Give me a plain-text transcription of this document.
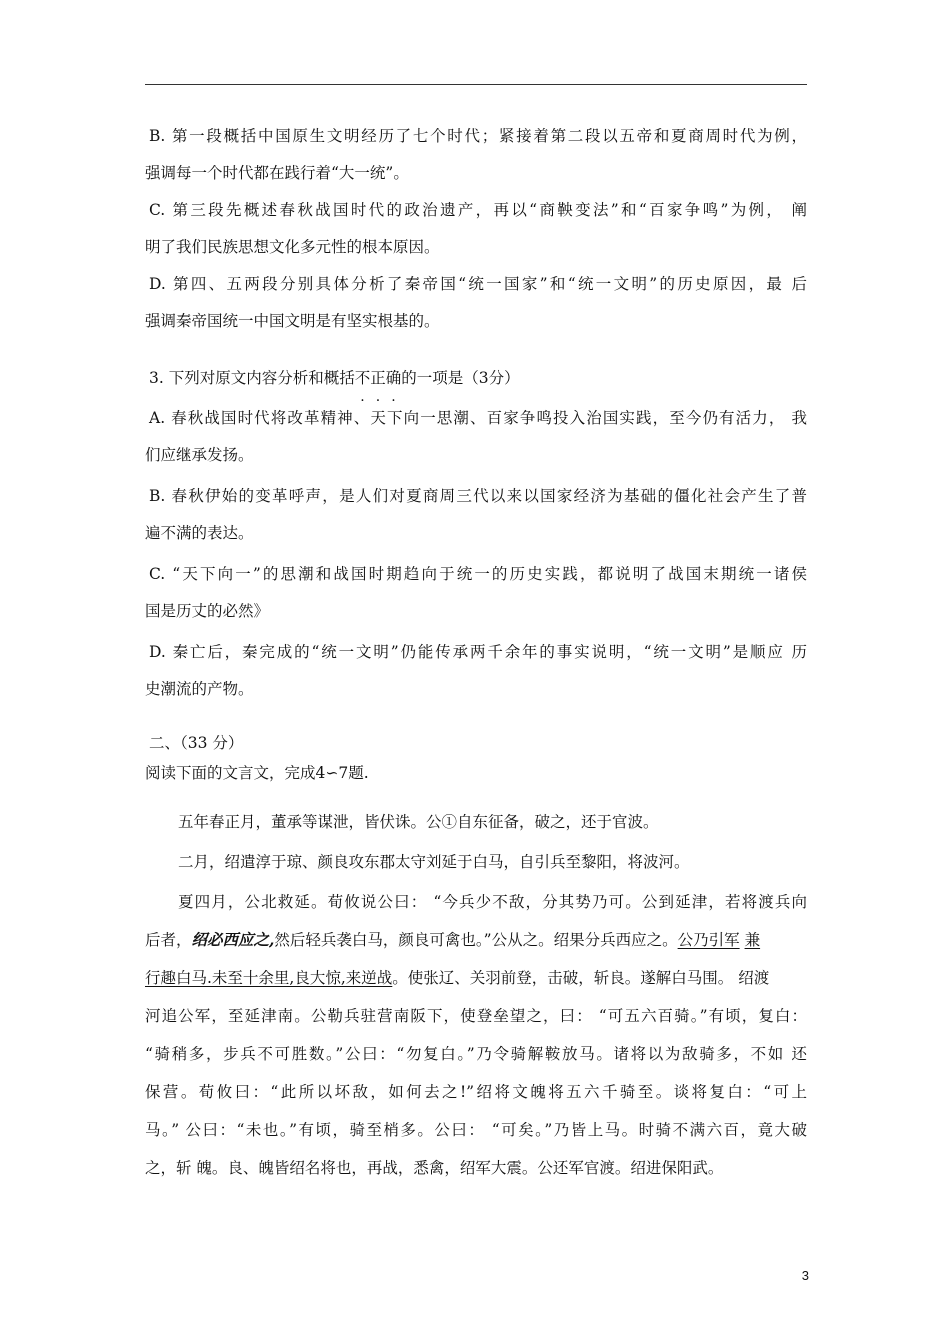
B. 第一段概括中国原生文明经历了七个时代；紧接着第二段以五帝和夏商周时代为例，
强调每一个时代都在践行着“大一统”。
C. 第三段先概述春秋战国时代的政治遗产，再以“商鞅变法”和“百家争鸣”为例， 阐
明了我们民族思想文化多元性的根本原因。
D. 第四、五两段分别具体分析了秦帝国“统一国家”和“统一文明”的历史原因，最 后
强调秦帝国统一中国文明是有坚实根基的。
3. 下列对原文内容分析和概括不正确的一项是（3分）
A. 春秋战国时代将改革精神、天下向一思潮、百家争鸣投入治国实践，至今仍有活力， 我
们应继承发扬。
B. 春秋伊始的变革呼声，是人们对夏商周三代以来以国家经济为基础的僵化社会产生了普
遍不满的表达。
C. “天下向一”的思潮和战国时期趋向于统一的历史实践，都说明了战国末期统一诸侯
国是历丈的必然》
D. 秦亡后，秦完成的“统一文明”仍能传承两千余年的事实说明，“统一文明”是顺应 历
史潮流的产物。
二、（33 分）
阅读下面的文言文，完成4∽7题.
五年春正月，董承等谋泄，皆伏诛。公①自东征备，破之，还于官波。
二月，绍遣淳于琼、颜良攻东郡太守刘延于白马，自引兵至黎阳，将波河。
夏四月，公北救延。荀攸说公曰： “今兵少不敌，分其势乃可。公到延津，若将渡兵向
后者，绍必西应之,然后轻兵袭白马，颜良可禽也。”公从之。绍果分兵西应之。公乃引军 兼
行趣白马.未至十余里,良大惊,来逆战。使张辽、关羽前登，击破，斩良。遂解白马围。 绍渡
河追公军，至延津南。公勒兵驻营南阪下，使登垒望之，曰： “可五六百骑。”有顷，复白：
“骑稍多，步兵不可胜数。”公曰：“勿复白。”乃令骑解鞍放马。诸将以为敌骑多，不如 还
保营。荀攸曰：“此所以坏敌，如何去之!”绍将文魄将五六千骑至。谈将复白：“可上
马。” 公曰：“未也。”有顷，骑至梢多。公曰： “可矣。”乃皆上马。时骑不满六百，竟大破
之，斩 魄。良、魄皆绍名将也，再战，悉禽，绍军大震。公还军官渡。绍进保阳武。
3
